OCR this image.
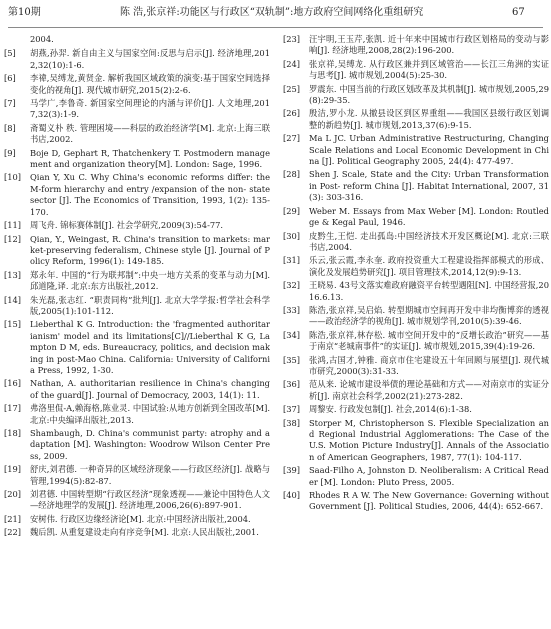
第10期	陈 浩,张京祥:功能区与行政区“双轨制”:地方政府空间网络化重组研究	67
2004.
[5]	胡燕,孙羿. 新自由主义与国家空间:反思与启示[J]. 经济地理,2012,32(10):1-6.
[6]	李禕,吴缚龙,黄贤金. 解析我国区域政策的演变:基于国家空间选择变化的视角[J]. 现代城市研究,2015(2):2-6.
[7]	马学广,李鲁奇. 新国家空间理论的内涵与评价[J]. 人文地理,2017,32(3):1-9.
[8]	斋蜀义朴 秩. 管理困境——科层的政治经济学[M]. 北京:上海三联书店,2002.
[9]	Boje D, Gephart R, Thatchenkery T. Postmodern management and organization theory[M]. London: Sage, 1996.
[10]	Qian Y, Xu C. Why China's economic reforms differ: the M-form hierarchy and entry /expansion of the non- state sector [J]. The Economics of Transition, 1993, 1(2): 135-170.
[11]	周飞舟. 锦标赛体制[J]. 社会学研究,2009(3):54-77.
[12]	Qian, Y., Weingast, R. China's transition to markets: market-preserving federalism, Chinese style [J]. Journal of Policy Reform, 1996(1): 149-185.
[13]	郑永年. 中国的“行为联邦制”:中央一地方关系的变革与动力[M]. 邱道隆,译. 北京:东方出版社,2012.
[14]	朱光磊,张志红. “职责同构”批判[J]. 北京大学学报:哲学社会科学版,2005(1):101-112.
[15]	Lieberthal K G. Introduction: the 'fragmented authoritarianism' model and its limitations[C]//Lieberthal K G, Lampton D M, eds. Bureaucracy, politics, and decision making in post-Mao China. California: University of California Press, 1992, 1-30.
[16]	Nathan, A. authoritarian resilience in China's changing of the guard[J]. Journal of Democracy, 2003, 14(1): 11.
[17]	弗洛里侃-A,赖海格,陈业灵. 中国试验:从地方创新到全国改革[M]. 北京:中央编译出版社,2013.
[18]	Shambaugh, D. China's communist party: atrophy and adaptation [M]. Washington: Woodrow Wilson Center Press, 2009.
[19]	舒庆,刘君德. 一种奇异的区域经济现象——行政区经济[J]. 战略与管理,1994(5):82-87.
[20]	刘君德. 中国转型期“行政区经济”现象透视——兼论中国特色人文—经济地理学的发展[J]. 经济地理,2006,26(6):897-901.
[21]	安树伟. 行政区边缘经济论[M]. 北京:中国经济出版社,2004.
[22]	魏后凯. 从重复建设走向有序竞争[M]. 北京:人民出版社,2001.
[23]	汪宇明,王玉芹,张凯. 近十年来中国城市行政区划格局的变动与影响[J]. 经济地理,2008,28(2):196-200.
[24]	张京祥,吴缚龙. 从行政区兼并到区域管治——长江三角洲的实证与思考[J]. 城市规划,2004(5):25-30.
[25]	罗震东. 中国当前的行政区划改革及其机制[J]. 城市规划,2005,29(8):29-35.
[26]	殷洁,罗小龙. 从撤县设区到区界重组——我国区县级行政区划调整的新趋势[J]. 城市规划,2013,37(6):9-15.
[27]	Ma L JC. Urban Administrative Restructuring, Changing Scale Relations and Local Economic Development in China [J]. Political Geography 2005, 24(4): 477-497.
[28]	Shen J. Scale, State and the City: Urban Transformation in Post- reform China [J]. Habitat International, 2007, 31(3): 303-316.
[29]	Weber M. Essays from Max Weber [M]. London: Routledge & Kegal Paul, 1946.
[30]	皮黔生,王恺. 走出孤岛:中国经济技术开发区概论[M]. 北京:三联书店,2004.
[31]	乐云,张云霞,李永奎. 政府投资重大工程建设指挥部模式的形成、演化及发展趋势研究[J]. 项目管理技术,2014,12(9):9-13.
[32]	王晓易. 43号文落实难政府融资平台转型遇阻[N]. 中国经营报,2016.6.13.
[33]	陈浩,张京祥,吴启焰. 转型期城市空间再开发中非均衡博弈的透视——政治经济学的视角[J]. 城市规划学刊,2010(5):39-46.
[34]	陈浩,张京祥,林存松. 城市空间开发中的“反增长政治”研究——基于南京“老城南事件”的实证[J]. 城市规划,2015,39(4):19-26.
[35]	张鸿,古国才,钟雅. 商京市住宅建设五十年回顾与展望[J]. 现代城市研究,2000(3):31-33.
[36]	范从来. 论城市建设举债的理论基础和方式——对南京市的实证分析[J]. 南京社会科学,2002(21):273-282.
[37]	周黎安. 行政发包制[J]. 社会,2014(6):1-38.
[38]	Storper M, Christopherson S. Flexible Specialization and Regional Industrial Agglomerations: The Case of the U.S. Motion Picture Industry[J]. Annals of the Association of American Geographers, 1987, 77(1): 104-117.
[39]	Saad-Filho A, Johnston D. Neoliberalism: A Critical Reader [M]. London: Pluto Press, 2005.
[40]	Rhodes R A W. The New Governance: Governing without Government [J]. Political Studies, 2006, 44(4): 652-667.
